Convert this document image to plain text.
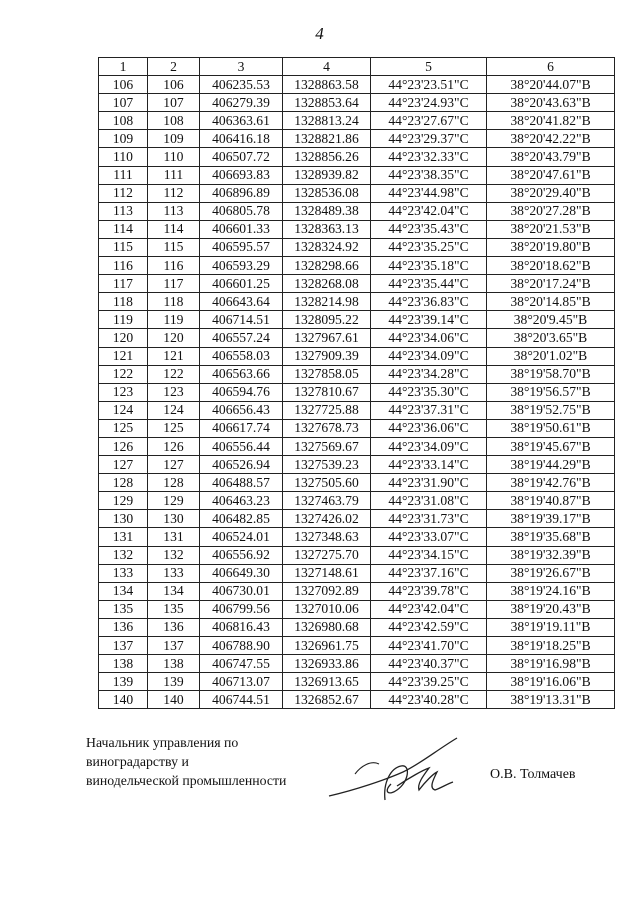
4
1	2	3	4	5	6
106	106	406235.53	1328863.58	44°23'23.51"С	38°20'44.07"В
107	107	406279.39	1328853.64	44°23'24.93"С	38°20'43.63"В
108	108	406363.61	1328813.24	44°23'27.67"С	38°20'41.82"В
109	109	406416.18	1328821.86	44°23'29.37"С	38°20'42.22"В
110	110	406507.72	1328856.26	44°23'32.33"С	38°20'43.79"В
111	111	406693.83	1328939.82	44°23'38.35"С	38°20'47.61"В
112	112	406896.89	1328536.08	44°23'44.98"С	38°20'29.40"В
113	113	406805.78	1328489.38	44°23'42.04"С	38°20'27.28"В
114	114	406601.33	1328363.13	44°23'35.43"С	38°20'21.53"В
115	115	406595.57	1328324.92	44°23'35.25"С	38°20'19.80"В
116	116	406593.29	1328298.66	44°23'35.18"С	38°20'18.62"В
117	117	406601.25	1328268.08	44°23'35.44"С	38°20'17.24"В
118	118	406643.64	1328214.98	44°23'36.83"С	38°20'14.85"В
119	119	406714.51	1328095.22	44°23'39.14"С	38°20'9.45"В
120	120	406557.24	1327967.61	44°23'34.06"С	38°20'3.65"В
121	121	406558.03	1327909.39	44°23'34.09"С	38°20'1.02"В
122	122	406563.66	1327858.05	44°23'34.28"С	38°19'58.70"В
123	123	406594.76	1327810.67	44°23'35.30"С	38°19'56.57"В
124	124	406656.43	1327725.88	44°23'37.31"С	38°19'52.75"В
125	125	406617.74	1327678.73	44°23'36.06"С	38°19'50.61"В
126	126	406556.44	1327569.67	44°23'34.09"С	38°19'45.67"В
127	127	406526.94	1327539.23	44°23'33.14"С	38°19'44.29"В
128	128	406488.57	1327505.60	44°23'31.90"С	38°19'42.76"В
129	129	406463.23	1327463.79	44°23'31.08"С	38°19'40.87"В
130	130	406482.85	1327426.02	44°23'31.73"С	38°19'39.17"В
131	131	406524.01	1327348.63	44°23'33.07"С	38°19'35.68"В
132	132	406556.92	1327275.70	44°23'34.15"С	38°19'32.39"В
133	133	406649.30	1327148.61	44°23'37.16"С	38°19'26.67"В
134	134	406730.01	1327092.89	44°23'39.78"С	38°19'24.16"В
135	135	406799.56	1327010.06	44°23'42.04"С	38°19'20.43"В
136	136	406816.43	1326980.68	44°23'42.59"С	38°19'19.11"В
137	137	406788.90	1326961.75	44°23'41.70"С	38°19'18.25"В
138	138	406747.55	1326933.86	44°23'40.37"С	38°19'16.98"В
139	139	406713.07	1326913.65	44°23'39.25"С	38°19'16.06"В
140	140	406744.51	1326852.67	44°23'40.28"С	38°19'13.31"В
Начальник управления по
виноградарству и
винодельческой промышленности	О.В. Толмачев
